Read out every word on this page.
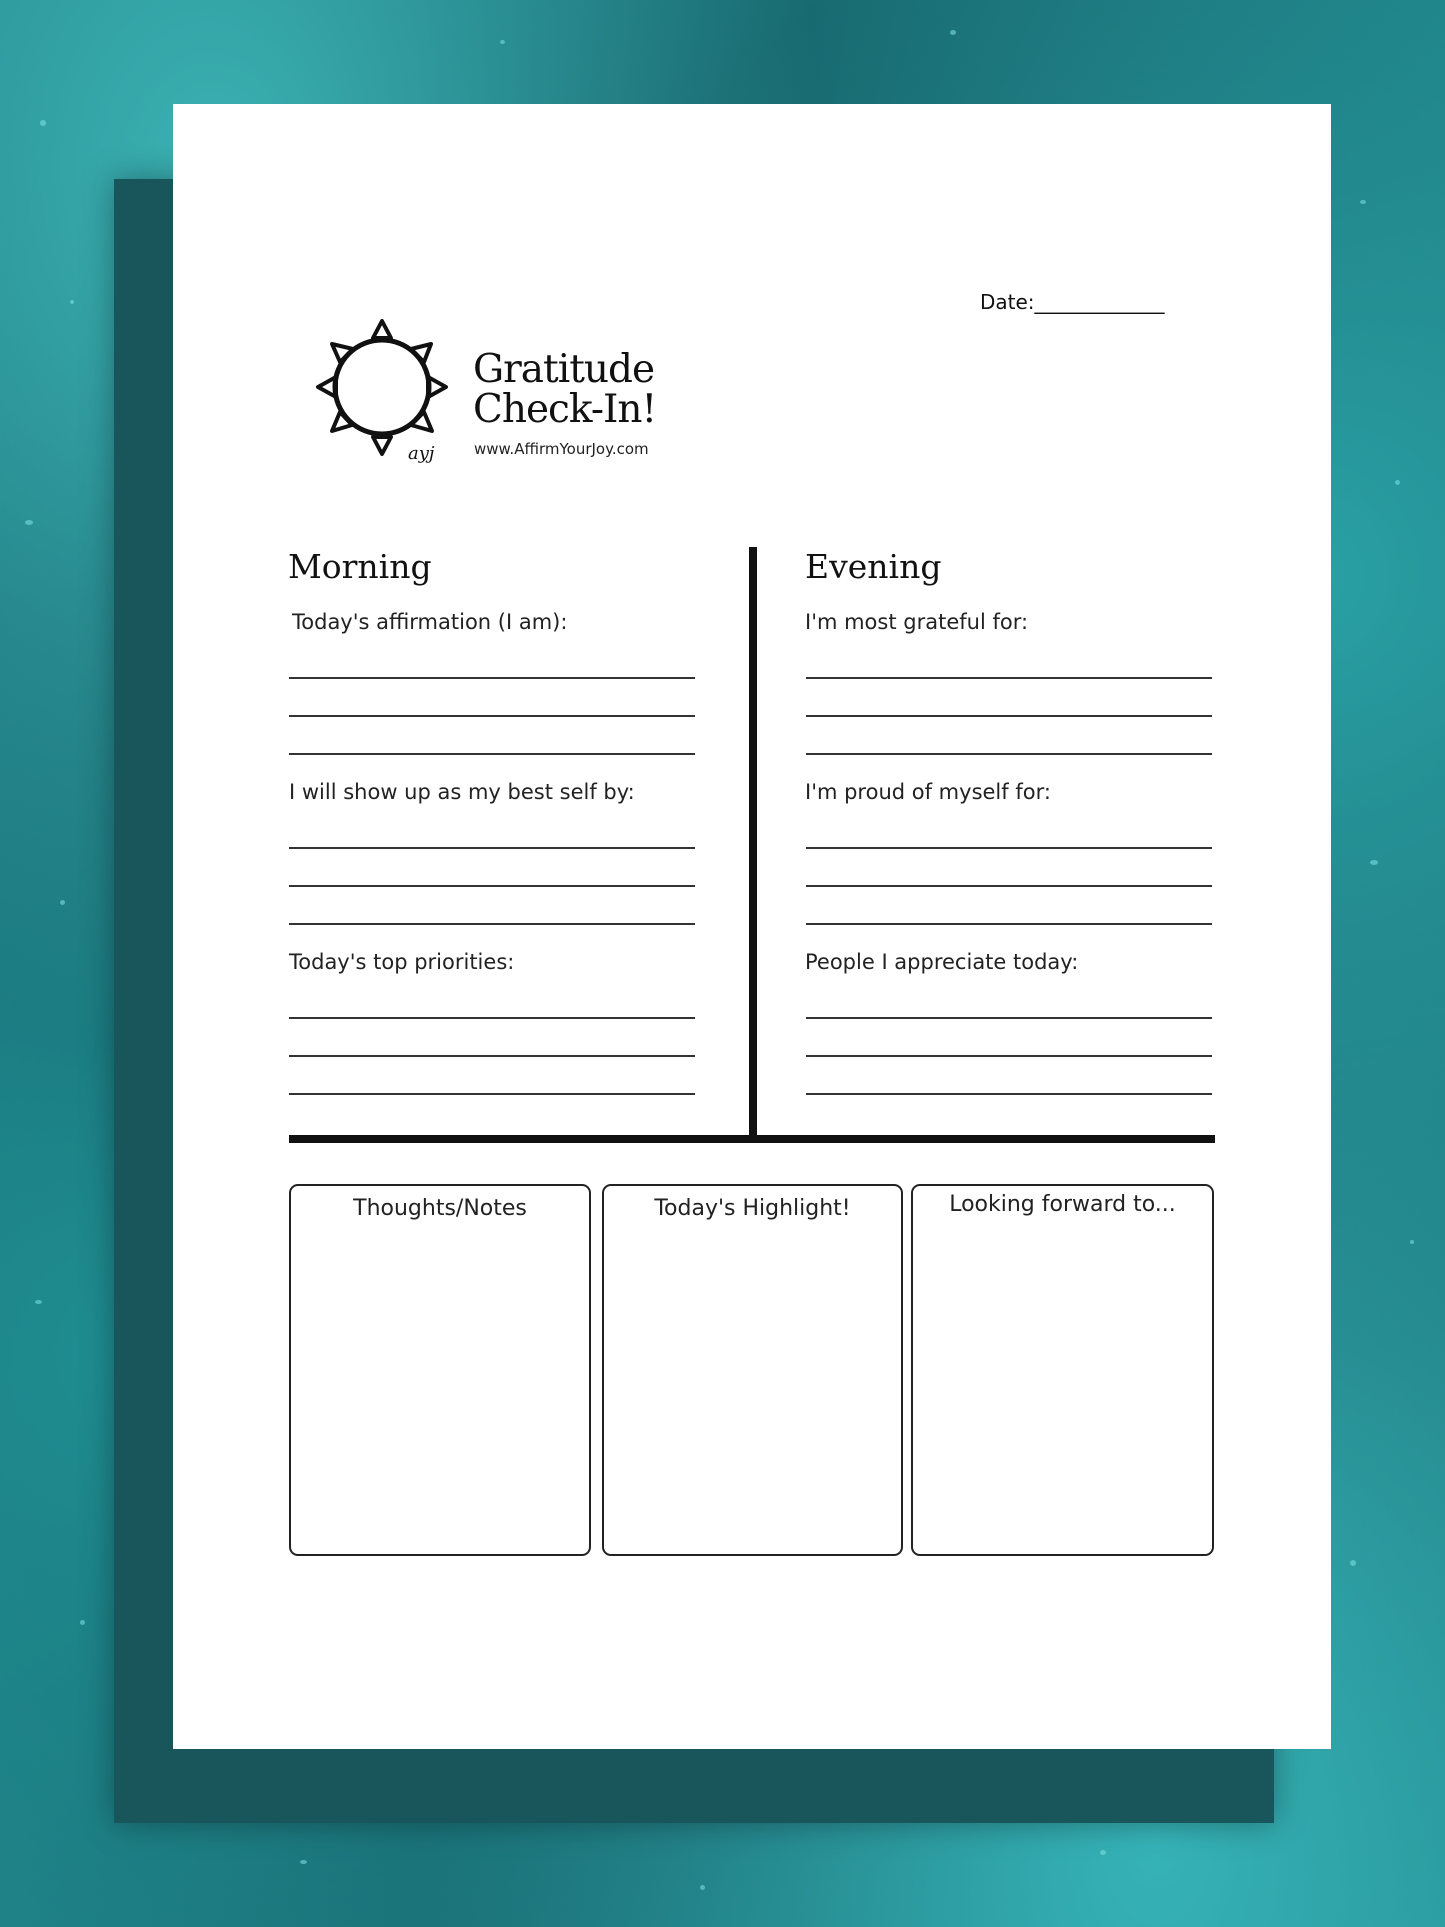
Date:_____________
ayj
Gratitude
Check-In!
www.AffirmYourJoy.com
Morning
Today's affirmation (I am):
I will show up as my best self by:
Today's top priorities:
Evening
I'm most grateful for:
I'm proud of myself for:
People I appreciate today:
Thoughts/Notes	Today's Highlight!	Looking forward to...
